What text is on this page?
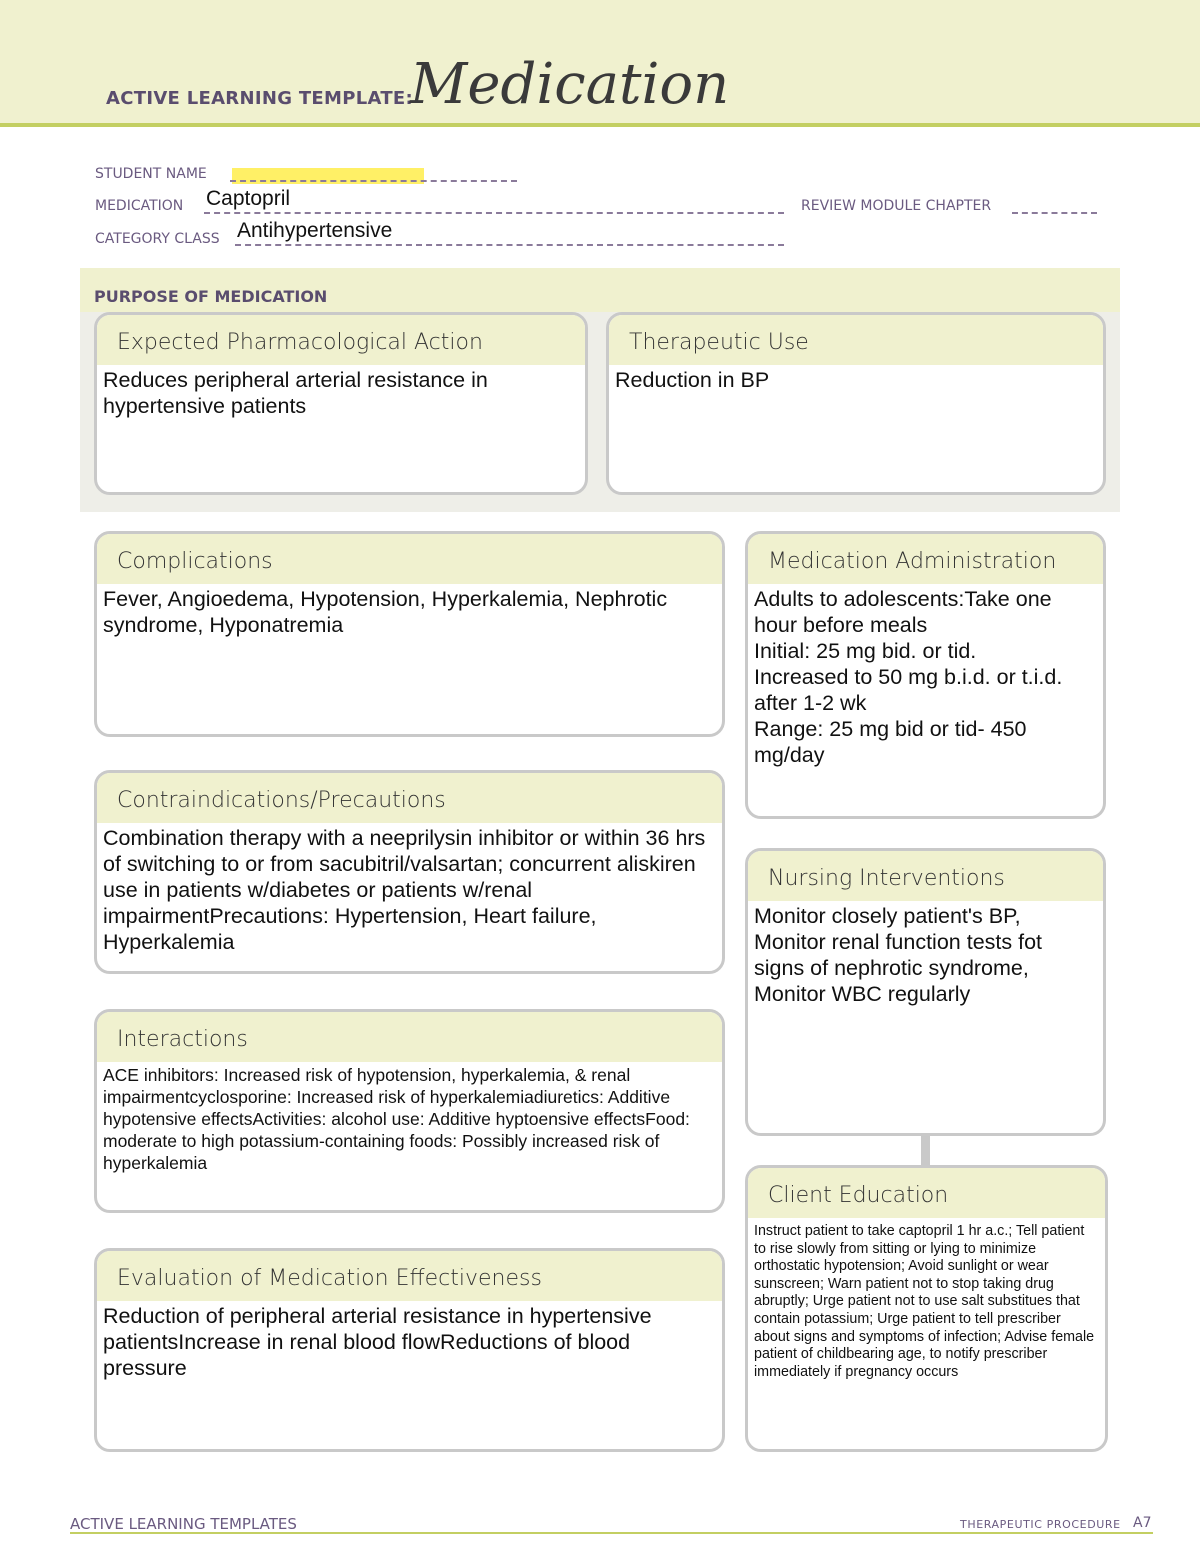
ACTIVE LEARNING TEMPLATE:
Medication
STUDENT NAME
MEDICATION Captopril	REVIEW MODULE CHAPTER
CATEGORY CLASS Antihypertensive
PURPOSE OF MEDICATION
Expected Pharmacological Action
Reduces peripheral arterial resistance in hypertensive patients
Therapeutic Use
Reduction in BP
Complications
Fever, Angioedema, Hypotension, Hyperkalemia, Nephrotic syndrome, Hyponatremia
Medication Administration
Adults to adolescents:Take one hour before meals
Initial: 25 mg bid. or tid.
Increased to 50 mg b.i.d. or t.i.d. after 1-2 wk
Range: 25 mg bid or tid- 450 mg/day
Contraindications/Precautions
Combination therapy with a neeprilysin inhibitor or within 36 hrs of switching to or from sacubitril/valsartan; concurrent aliskiren use in patients w/diabetes or patients w/renal impairmentPrecautions: Hypertension, Heart failure, Hyperkalemia
Nursing Interventions
Monitor closely patient's BP, Monitor renal function tests fot signs of nephrotic syndrome, Monitor WBC regularly
Interactions
ACE inhibitors: Increased risk of hypotension, hyperkalemia, & renal impairmentcyclosporine: Increased risk of hyperkalemiadiuretics: Additive hypotensive effectsActivities: alcohol use: Additive hyptoensive effectsFood: moderate to high potassium-containing foods: Possibly increased risk of hyperkalemia
Client Education
Instruct patient to take captopril 1 hr a.c.; Tell patient to rise slowly from sitting or lying to minimize orthostatic hypotension; Avoid sunlight or wear sunscreen; Warn patient not to stop taking drug abruptly; Urge patient not to use salt substitues that contain potassium; Urge patient to tell prescriber about signs and symptoms of infection; Advise female patient of childbearing age, to notify prescriber immediately if pregnancy occurs
Evaluation of Medication Effectiveness
Reduction of peripheral arterial resistance in hypertensive patientsIncrease in renal blood flowReductions of blood pressure
ACTIVE LEARNING TEMPLATES	THERAPEUTIC PROCEDURE A7
